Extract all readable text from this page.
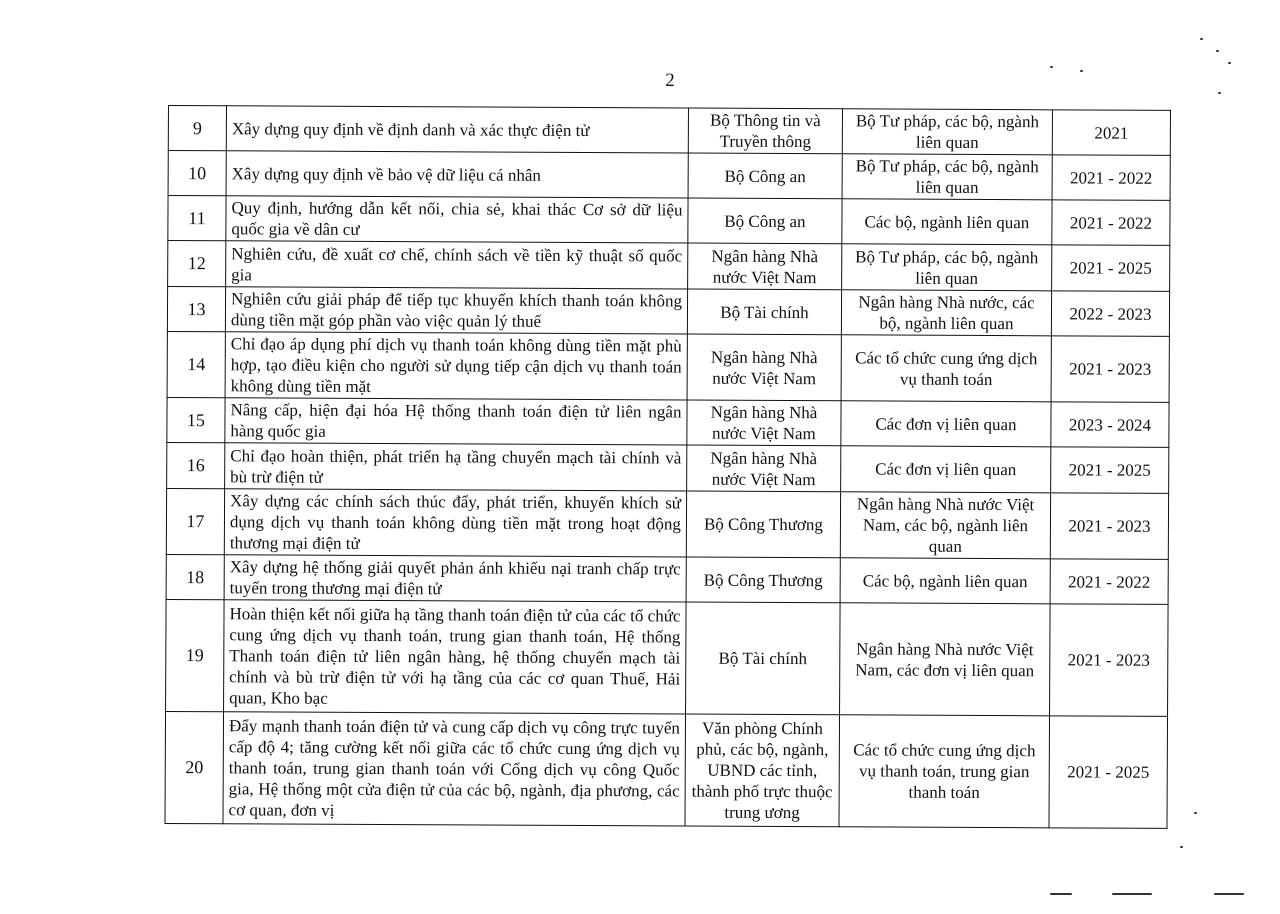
2
9	Xây dựng quy định về định danh và xác thực điện tử	Bộ Thông tin và Truyền thông	Bộ Tư pháp, các bộ, ngành liên quan	2021
10	Xây dựng quy định về bảo vệ dữ liệu cá nhân	Bộ Công an	Bộ Tư pháp, các bộ, ngành liên quan	2021 - 2022
11	Quy định, hướng dẫn kết nối, chia sẻ, khai thác Cơ sở dữ liệu quốc gia về dân cư	Bộ Công an	Các bộ, ngành liên quan	2021 - 2022
12	Nghiên cứu, đề xuất cơ chế, chính sách về tiền kỹ thuật số quốc gia	Ngân hàng Nhà nước Việt Nam	Bộ Tư pháp, các bộ, ngành liên quan	2021 - 2025
13	Nghiên cứu giải pháp để tiếp tục khuyến khích thanh toán không dùng tiền mặt góp phần vào việc quản lý thuế	Bộ Tài chính	Ngân hàng Nhà nước, các bộ, ngành liên quan	2022 - 2023
14	Chỉ đạo áp dụng phí dịch vụ thanh toán không dùng tiền mặt phù hợp, tạo điều kiện cho người sử dụng tiếp cận dịch vụ thanh toán không dùng tiền mặt	Ngân hàng Nhà nước Việt Nam	Các tổ chức cung ứng dịch vụ thanh toán	2021 - 2023
15	Nâng cấp, hiện đại hóa Hệ thống thanh toán điện tử liên ngân hàng quốc gia	Ngân hàng Nhà nước Việt Nam	Các đơn vị liên quan	2023 - 2024
16	Chỉ đạo hoàn thiện, phát triển hạ tầng chuyển mạch tài chính và bù trừ điện tử	Ngân hàng Nhà nước Việt Nam	Các đơn vị liên quan	2021 - 2025
17	Xây dựng các chính sách thúc đẩy, phát triển, khuyến khích sử dụng dịch vụ thanh toán không dùng tiền mặt trong hoạt động thương mại điện tử	Bộ Công Thương	Ngân hàng Nhà nước Việt Nam, các bộ, ngành liên quan	2021 - 2023
18	Xây dựng hệ thống giải quyết phản ánh khiếu nại tranh chấp trực tuyến trong thương mại điện tử	Bộ Công Thương	Các bộ, ngành liên quan	2021 - 2022
19	Hoàn thiện kết nối giữa hạ tầng thanh toán điện tử của các tổ chức cung ứng dịch vụ thanh toán, trung gian thanh toán, Hệ thống Thanh toán điện tử liên ngân hàng, hệ thống chuyển mạch tài chính và bù trừ điện tử với hạ tầng của các cơ quan Thuế, Hải quan, Kho bạc	Bộ Tài chính	Ngân hàng Nhà nước Việt Nam, các đơn vị liên quan	2021 - 2023
20	Đẩy mạnh thanh toán điện tử và cung cấp dịch vụ công trực tuyến cấp độ 4; tăng cường kết nối giữa các tổ chức cung ứng dịch vụ thanh toán, trung gian thanh toán với Cổng dịch vụ công Quốc gia, Hệ thống một cửa điện tử của các bộ, ngành, địa phương, các cơ quan, đơn vị	Văn phòng Chính phủ, các bộ, ngành, UBND các tỉnh, thành phố trực thuộc trung ương	Các tổ chức cung ứng dịch vụ thanh toán, trung gian thanh toán	2021 - 2025
